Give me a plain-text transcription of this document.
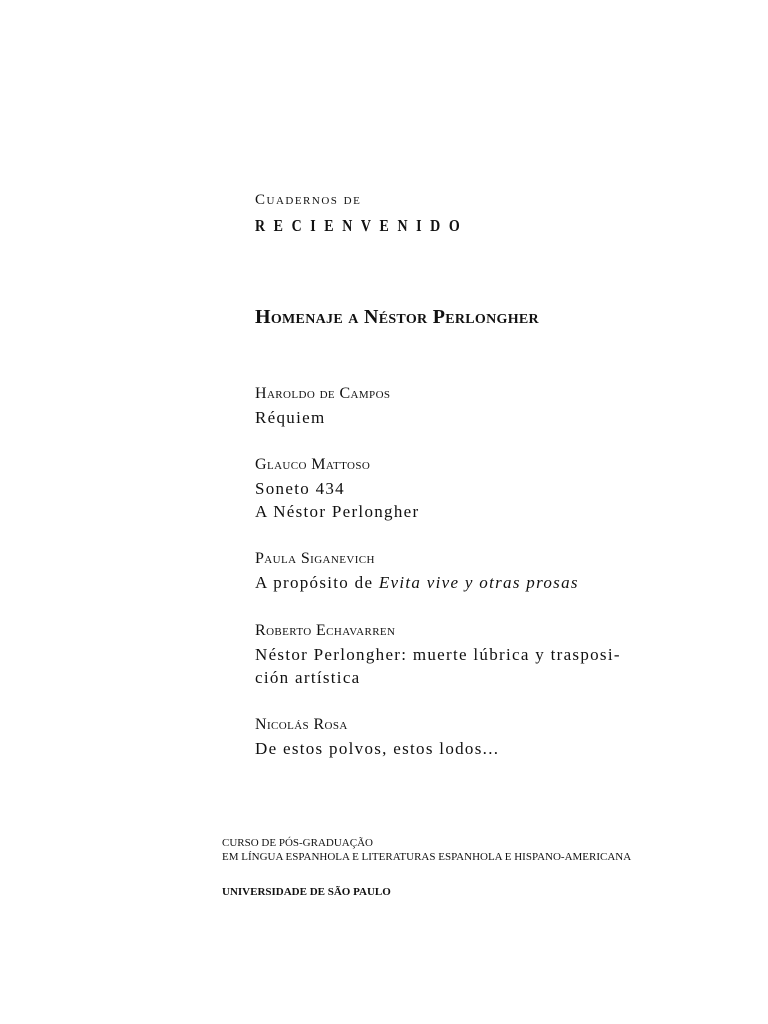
Cuadernos de

RECIENVENIDO

Homenaje a Néstor Perlongher
Haroldo de Campos
Réquiem
Glauco Mattoso
Soneto 434
A Néstor Perlongher
Paula Siganevich
A propósito de Evita vive y otras prosas
Roberto Echavarren
Néstor Perlongher: muerte lúbrica y trasposi-
ción artística
Nicolás Rosa
De estos polvos, estos lodos...
CURSO DE PÓS-GRADUAÇÃO
EM LÍNGUA ESPANHOLA E LITERATURAS ESPANHOLA E HISPANO-AMERICANA
UNIVERSIDADE DE SÃO PAULO
